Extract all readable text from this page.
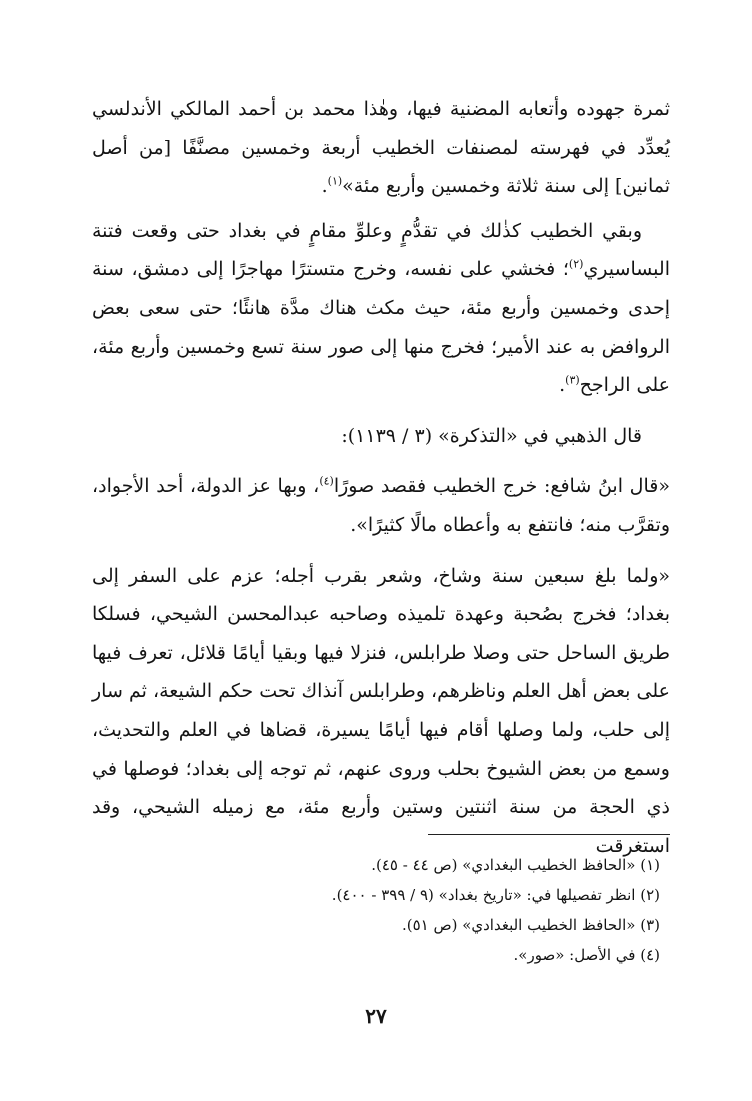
ثمرة جهوده وأتعابه المضنية فيها، وهٰذا محمد بن أحمد المالكي الأندلسي يُعدِّد في فهرسته لمصنفات الخطيب أربعة وخمسين مصنَّفًا [من أصل ثمانين] إلى سنة ثلاثة وخمسين وأربع مئة»$^{(١)}$.

وبقي الخطيب كذٰلك في تقدُّمٍ وعلوِّ مقامٍ في بغداد حتى وقعت فتنة البساسيري$^{(٢)}$؛ فخشي على نفسه، وخرج متسترًا مهاجرًا إلى دمشق، سنة إحدى وخمسين وأربع مئة، حيث مكث هناك مدَّة هانئًا؛ حتى سعى بعض الروافض به عند الأمير؛ فخرج منها إلى صور سنة تسع وخمسين وأربع مئة، على الراجح$^{(٣)}$.

قال الذهبي في «التذكرة» (٣ / ١١٣٩):

«قال ابنُ شافع: خرج الخطيب فقصد صورًا$^{(٤)}$، وبها عز الدولة، أحد الأجواد، وتقرَّب منه؛ فانتفع به وأعطاه مالًا كثيرًا».

«ولما بلغ سبعين سنة وشاخ، وشعر بقرب أجله؛ عزم على السفر إلى بغداد؛ فخرج بصُحبة وعهدة تلميذه وصاحبه عبدالمحسن الشيحي، فسلكا طريق الساحل حتى وصلا طرابلس، فنزلا فيها وبقيا أيامًا قلائل، تعرف فيها على بعض أهل العلم وناظرهم، وطرابلس آنذاك تحت حكم الشيعة، ثم سار إلى حلب، ولما وصلها أقام فيها أيامًا يسيرة، قضاها في العلم والتحديث، وسمع من بعض الشيوخ بحلب وروى عنهم، ثم توجه إلى بغداد؛ فوصلها في ذي الحجة من سنة اثنتين وستين وأربع مئة، مع زميله الشيحي، وقد استغرقت

(١) «الحافظ الخطيب البغدادي» (ص ٤٤ - ٤٥).

(٢) انظر تفصيلها في: «تاريخ بغداد» (٩ / ٣٩٩ - ٤٠٠).

(٣) «الحافظ الخطيب البغدادي» (ص ٥١).

(٤) في الأصل: «صور».

٢٧
